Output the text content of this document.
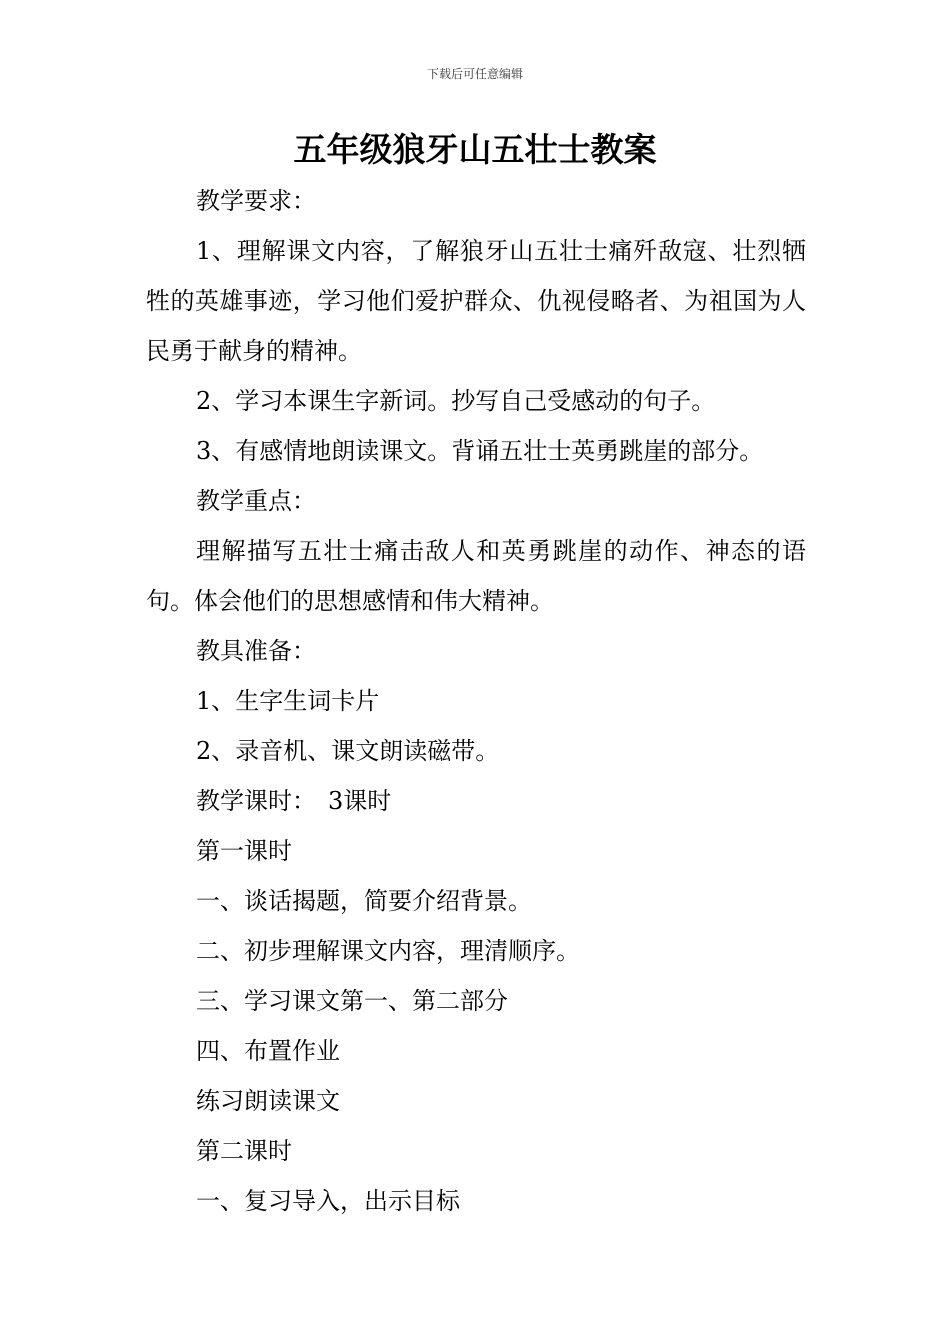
下载后可任意编辑
五年级狼牙山五壮士教案

教学要求：

1、理解课文内容，了解狼牙山五壮士痛歼敌寇、壮烈牺牲的英雄事迹，学习他们爱护群众、仇视侵略者、为祖国为人民勇于献身的精神。

2、学习本课生字新词。抄写自己受感动的句子。

3、有感情地朗读课文。背诵五壮士英勇跳崖的部分。

教学重点：

理解描写五壮士痛击敌人和英勇跳崖的动作、神态的语句。体会他们的思想感情和伟大精神。

教具准备：

1、生字生词卡片

2、录音机、课文朗读磁带。

教学课时：　3课时

第一课时

一、谈话揭题，简要介绍背景。

二、初步理解课文内容，理清顺序。

三、学习课文第一、第二部分

四、布置作业

练习朗读课文

第二课时

一、复习导入，出示目标
